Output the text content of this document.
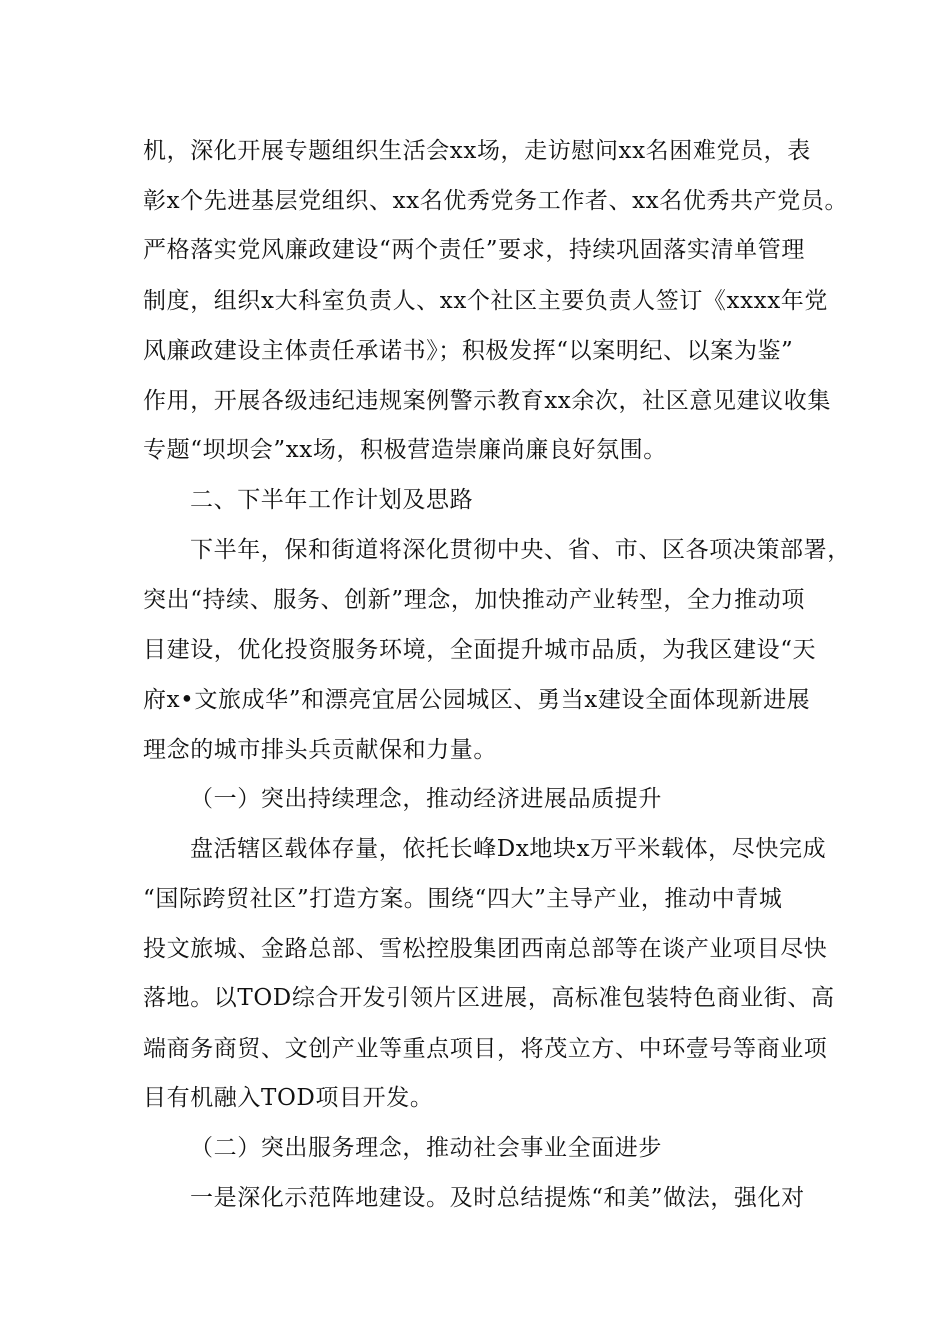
机，深化开展专题组织生活会xx场，走访慰问xx名困难党员，表
彰x个先进基层党组织、xx名优秀党务工作者、xx名优秀共产党员。
严格落实党风廉政建设“两个责任”要求，持续巩固落实清单管理
制度，组织x大科室负责人、xx个社区主要负责人签订《xxxx年党
风廉政建设主体责任承诺书》；积极发挥“以案明纪、以案为鉴”
作用，开展各级违纪违规案例警示教育xx余次，社区意见建议收集
专题“坝坝会”xx场，积极营造崇廉尚廉良好氛围。
二、下半年工作计划及思路
下半年，保和街道将深化贯彻中央、省、市、区各项决策部署，
突出“持续、服务、创新”理念，加快推动产业转型，全力推动项
目建设，优化投资服务环境，全面提升城市品质，为我区建设“天
府x•文旅成华”和漂亮宜居公园城区、勇当x建设全面体现新进展
理念的城市排头兵贡献保和力量。
（一）突出持续理念，推动经济进展品质提升
盘活辖区载体存量，依托长峰Dx地块x万平米载体，尽快完成
“国际跨贸社区”打造方案。围绕“四大”主导产业，推动中青城
投文旅城、金路总部、雪松控股集团西南总部等在谈产业项目尽快
落地。以TOD综合开发引领片区进展，高标准包装特色商业街、高
端商务商贸、文创产业等重点项目，将茂立方、中环壹号等商业项
目有机融入TOD项目开发。
（二）突出服务理念，推动社会事业全面进步
一是深化示范阵地建设。及时总结提炼“和美”做法，强化对
